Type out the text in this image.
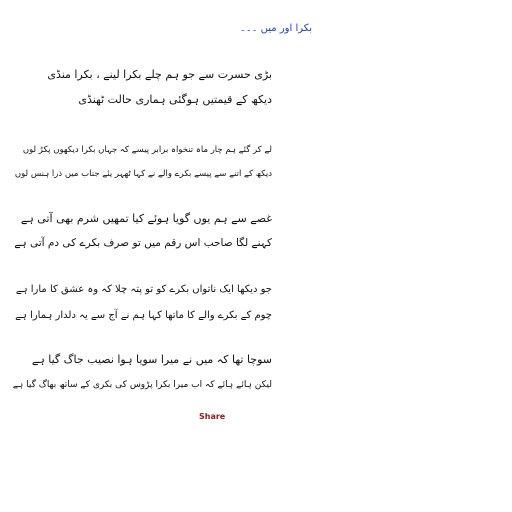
بکرا اور میں ۔۔۔
بڑی حسرت سے جو ہم چلے بکرا لینے ، بکرا منڈی
دیکھ کے قیمتیں ہوگئی ہماری حالت ٹھنڈی
لے کر گئے ہم چار ماہ تنخواہ برابر پیسے کہ جہاں بکرا دیکھوں پکڑ لوں
دیکھ کے اتنے سے پیسے بکرے والے نے کہا ٹھہر یئے جناب میں ذرا ہنس لوں
غصے سے ہم یوں گویا ہوئے کیا تمھیں شرم بھی آتی ہے
کہنے لگا صاحب اس رقم میں تو صرف بکرے کی دم آتی ہے
جو دیکھا ایک ناتواں بکرے کو تو پتہ چلا کہ وہ عشق کا مارا ہے
چوم کے بکرے والے کا ماتھا کہا ہم نے آج سے یہ دلدار ہمارا ہے
سوچا تھا کہ میں نے میرا سویا ہوا نصیب جاگ گیا ہے
لیکن ہائے ہائے کہ اب میرا بکرا پڑوس کی بکری کے ساتھ بھاگ گیا ہے
Share
